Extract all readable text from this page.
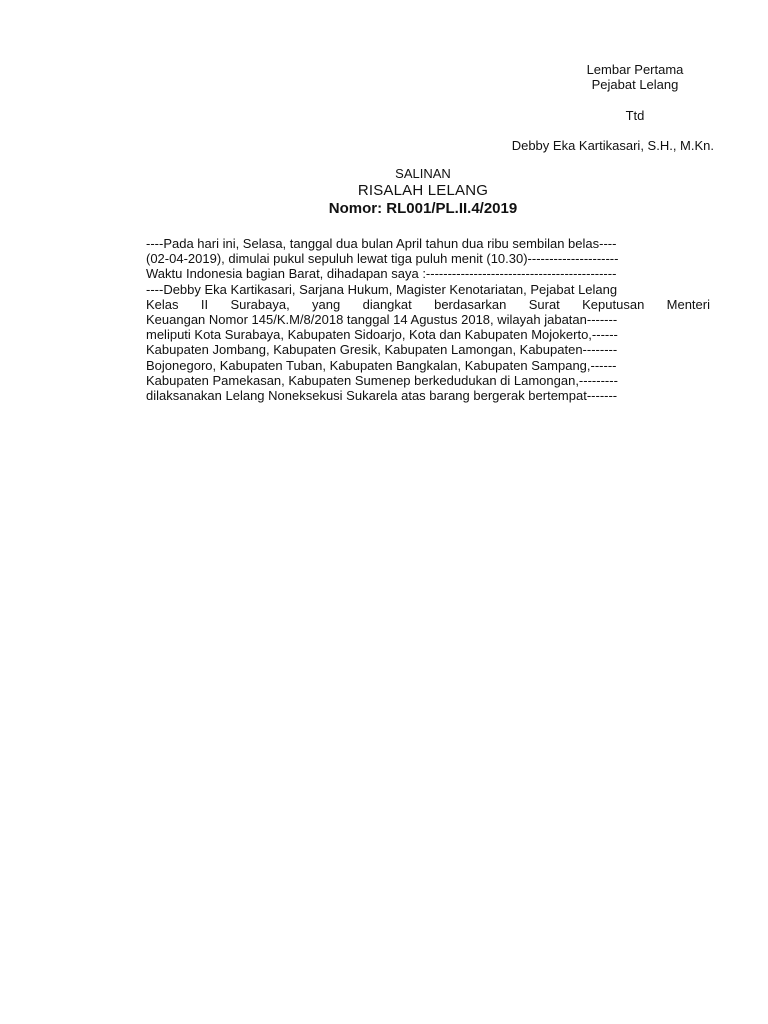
Lembar Pertama
Pejabat Lelang
Ttd
Debby Eka Kartikasari, S.H., M.Kn.
SALINAN
RISALAH LELANG
Nomor: RL001/PL.II.4/2019
----Pada hari ini, Selasa, tanggal dua bulan April tahun dua ribu sembilan belas----
(02-04-2019), dimulai pukul sepuluh lewat tiga puluh menit (10.30)---------------------
Waktu Indonesia bagian Barat, dihadapan saya :--------------------------------------------
----Debby Eka Kartikasari, Sarjana Hukum, Magister Kenotariatan, Pejabat Lelang
Kelas II Surabaya, yang diangkat berdasarkan Surat Keputusan Menteri
Keuangan Nomor 145/K.M/8/2018 tanggal 14 Agustus 2018, wilayah jabatan-------
meliputi Kota Surabaya, Kabupaten Sidoarjo, Kota dan Kabupaten Mojokerto,------
Kabupaten Jombang, Kabupaten Gresik, Kabupaten Lamongan, Kabupaten--------
Bojonegoro, Kabupaten Tuban, Kabupaten Bangkalan, Kabupaten Sampang,------
Kabupaten Pamekasan, Kabupaten Sumenep berkedudukan di Lamongan,---------
dilaksanakan Lelang Noneksekusi Sukarela atas barang bergerak bertempat-------
